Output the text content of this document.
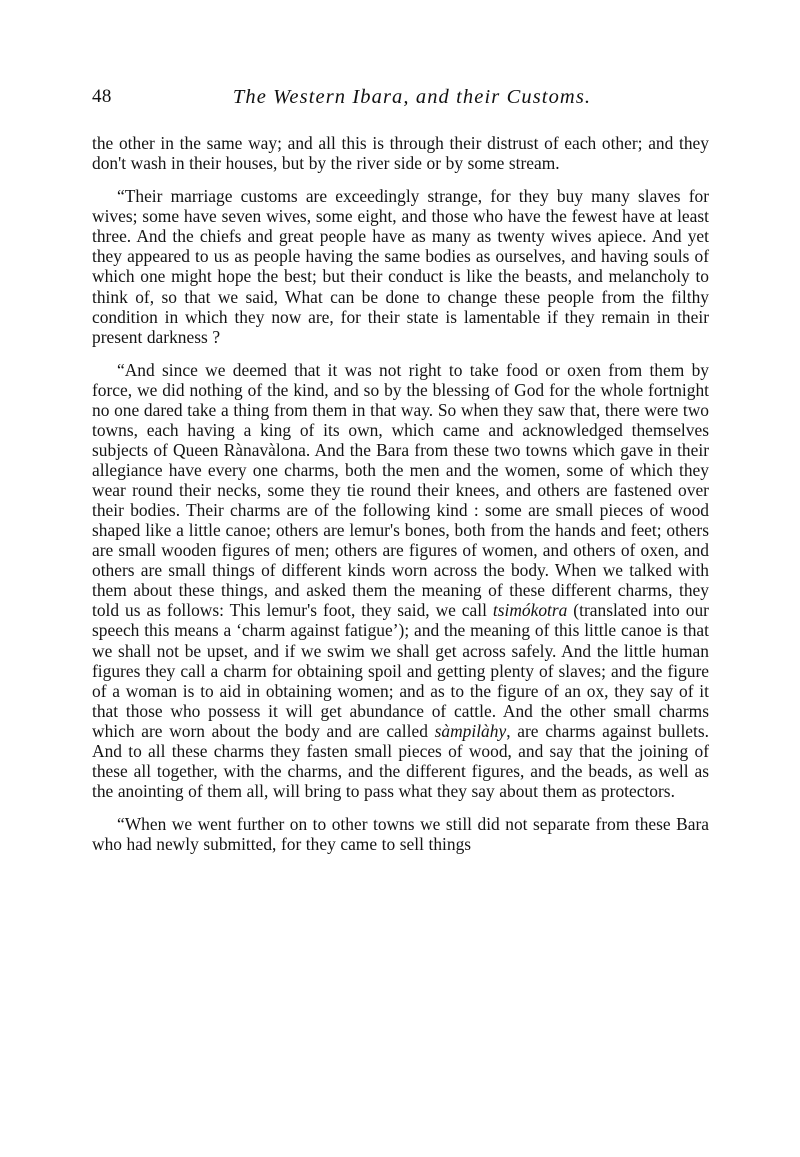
48	The Western Ibara, and their Customs.

the other in the same way; and all this is through their distrust of each other; and they don't wash in their houses, but by the river side or by some stream.

“Their marriage customs are exceedingly strange, for they buy many slaves for wives; some have seven wives, some eight, and those who have the fewest have at least three. And the chiefs and great people have as many as twenty wives apiece. And yet they appeared to us as people having the same bodies as ourselves, and having souls of which one might hope the best; but their conduct is like the beasts, and melancholy to think of, so that we said, What can be done to change these people from the filthy condition in which they now are, for their state is lamentable if they remain in their present darkness ?

“And since we deemed that it was not right to take food or oxen from them by force, we did nothing of the kind, and so by the blessing of God for the whole fortnight no one dared take a thing from them in that way. So when they saw that, there were two towns, each having a king of its own, which came and acknowledged themselves subjects of Queen Rànavàlona. And the Bara from these two towns which gave in their allegiance have every one charms, both the men and the women, some of which they wear round their necks, some they tie round their knees, and others are fastened over their bodies. Their charms are of the following kind : some are small pieces of wood shaped like a little canoe; others are lemur's bones, both from the hands and feet; others are small wooden figures of men; others are figures of women, and others of oxen, and others are small things of different kinds worn across the body. When we talked with them about these things, and asked them the meaning of these different charms, they told us as follows: This lemur's foot, they said, we call tsimókotra (translated into our speech this means a ‘charm against fatigue’); and the meaning of this little canoe is that we shall not be upset, and if we swim we shall get across safely. And the little human figures they call a charm for obtaining spoil and getting plenty of slaves; and the figure of a woman is to aid in obtaining women; and as to the figure of an ox, they say of it that those who possess it will get abundance of cattle. And the other small charms which are worn about the body and are called sàmpilàhy, are charms against bullets. And to all these charms they fasten small pieces of wood, and say that the joining of these all together, with the charms, and the different figures, and the beads, as well as the anointing of them all, will bring to pass what they say about them as protectors.

“When we went further on to other towns we still did not separate from these Bara who had newly submitted, for they came to sell things
